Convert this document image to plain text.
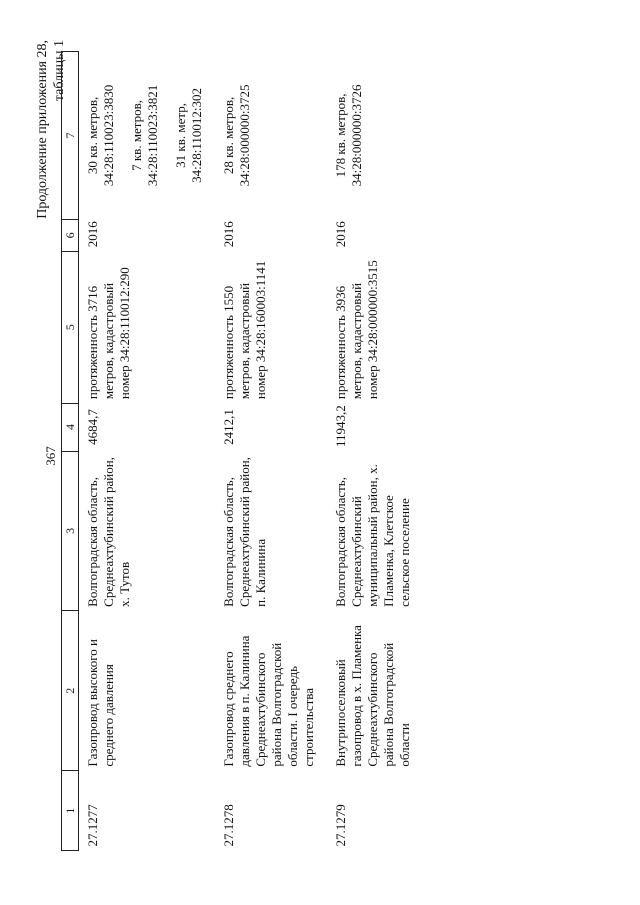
367
Продолжение приложения 28, таблицы 1
1	2	3	4	5	6	7
27.1277	Газопровод высокого и среднего давления	Волгоградская область, Среднеахтубинский район, х. Тутов	4684,7	протяженность 3716 метров, кадастровый номер 34:28:110012:290	2016	30 кв. метров, 34:28:110023:3830 7 кв. метров, 34:28:110023:3821 31 кв. метр, 34:28:110012:302

27.1278	Газопровод среднего давления в п. Калинина Среднеахтубинского района Волгоградской области. I очередь строительства	Волгоградская область, Среднеахтубинский район, п. Калинина	2412,1	протяженность 1550 метров, кадастровый номер 34:28:160003:1141	2016	28 кв. метров, 34:28:000000:3725

27.1279	Внутрипоселковый газопровод в х. Пламенка Среднеахтубинского района Волгоградской области	Волгоградская область, Среднеахтубинский муниципальный район, х. Пламенка, Клетское сельское поселение	11943,2	протяженность 3936 метров, кадастровый номер 34:28:000000:3515	2016	178 кв. метров, 34:28:000000:3726
